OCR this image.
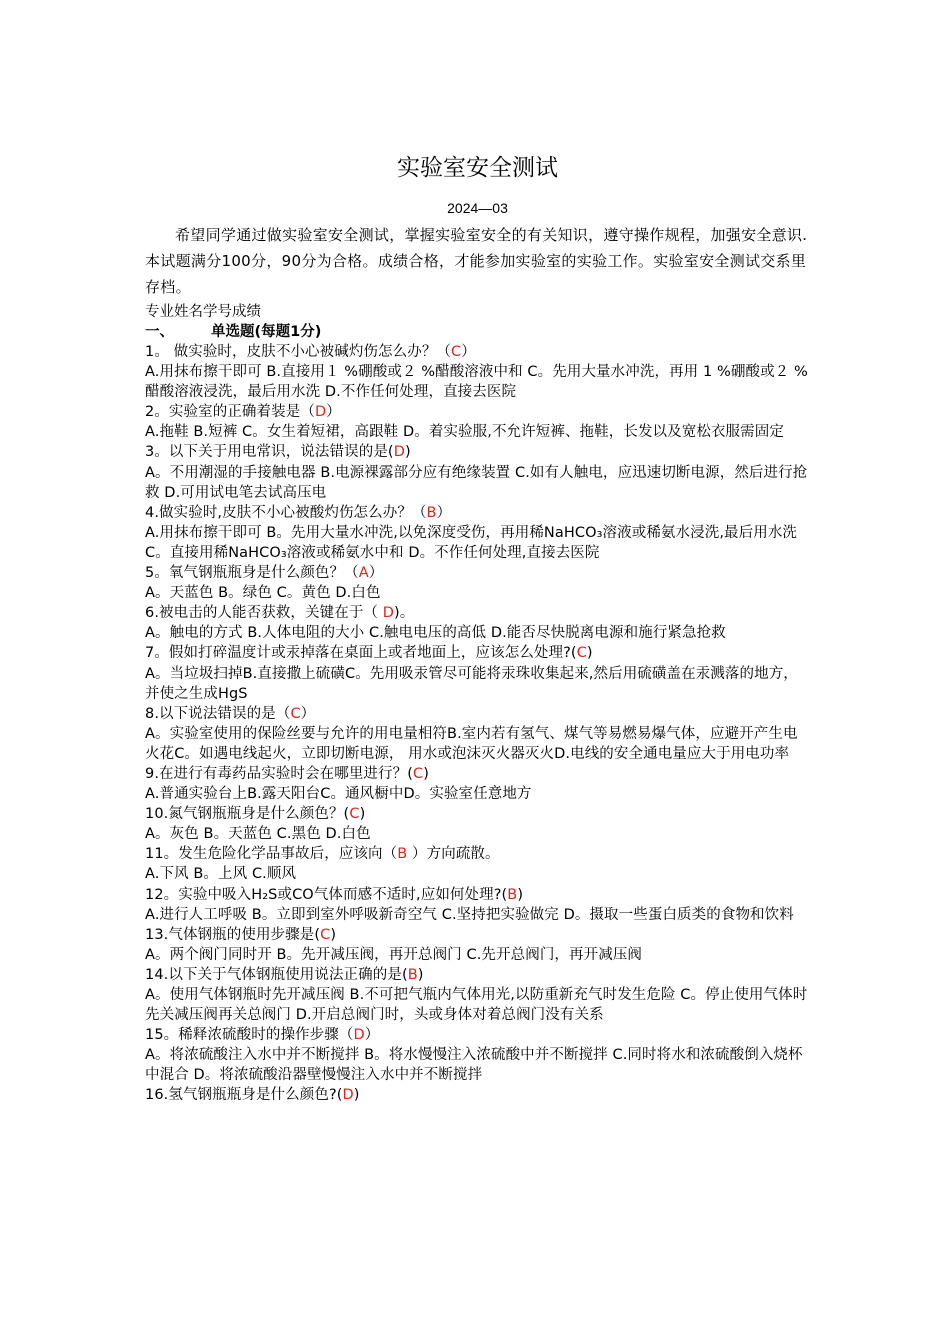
实验室安全测试
2024—03

希望同学通过做实验室安全测试，掌握实验室安全的有关知识，遵守操作规程，加强安全意识.本试题满分100分，90分为合格。成绩合格，才能参加实验室的实验工作。实验室安全测试交系里存档。

专业姓名学号成绩
一、	单选题(每题1分)
1。 做实验时，皮肤不小心被碱灼伤怎么办？（C）
A.用抹布擦干即可 B.直接用１ %硼酸或２ %醋酸溶液中和 C。先用大量水冲洗，再用 1 %硼酸或２ %醋酸溶液浸洗，最后用水洗 D.不作任何处理，直接去医院
2。实验室的正确着装是（D）
A.拖鞋 B.短裤 C。女生着短裙，高跟鞋 D。着实验服,不允许短裤、拖鞋，长发以及宽松衣服需固定
3。以下关于用电常识，说法错误的是(D)
A。不用潮湿的手接触电器 B.电源裸露部分应有绝缘装置 C.如有人触电，应迅速切断电源，然后进行抢救 D.可用试电笔去试高压电
4.做实验时,皮肤不小心被酸灼伤怎么办？（B）
A.用抹布擦干即可 B。先用大量水冲洗,以免深度受伤，再用稀NaHCO₃溶液或稀氨水浸洗,最后用水洗 C。直接用稀NaHCO₃溶液或稀氨水中和 D。不作任何处理,直接去医院
5。氧气钢瓶瓶身是什么颜色？（A）
A。天蓝色 B。绿色 C。黄色 D.白色
6.被电击的人能否获救，关键在于（ D)。
A。触电的方式 B.人体电阻的大小 C.触电电压的高低 D.能否尽快脱离电源和施行紧急抢救
7。假如打碎温度计或汞掉落在桌面上或者地面上，应该怎么处理?(C)
A。当垃圾扫掉B.直接撒上硫磺C。先用吸汞管尽可能将汞珠收集起来,然后用硫磺盖在汞溅落的地方，并使之生成HgS
8.以下说法错误的是（C）
A。实验室使用的保险丝要与允许的用电量相符B.室内若有氢气、煤气等易燃易爆气体，应避开产生电火花C。如遇电线起火，立即切断电源， 用水或泡沫灭火器灭火D.电线的安全通电量应大于用电功率
9.在进行有毒药品实验时会在哪里进行？(C)
A.普通实验台上B.露天阳台C。通风橱中D。实验室任意地方
10.氮气钢瓶瓶身是什么颜色？(C)
A。灰色 B。天蓝色 C.黑色 D.白色
11。发生危险化学品事故后，应该向（B ）方向疏散。
A.下风 B。上风 C.顺风
12。实验中吸入H₂S或CO气体而感不适时,应如何处理?(B)
A.进行人工呼吸 B。立即到室外呼吸新奇空气 C.坚持把实验做完 D。摄取一些蛋白质类的食物和饮料
13.气体钢瓶的使用步骤是(C)
A。两个阀门同时开 B。先开减压阀，再开总阀门 C.先开总阀门，再开减压阀
14.以下关于气体钢瓶使用说法正确的是(B)
A。使用气体钢瓶时先开减压阀 B.不可把气瓶内气体用光,以防重新充气时发生危险 C。停止使用气体时先关减压阀再关总阀门 D.开启总阀门时，头或身体对着总阀门没有关系
15。稀释浓硫酸时的操作步骤（D）
A。将浓硫酸注入水中并不断搅拌 B。将水慢慢注入浓硫酸中并不断搅拌 C.同时将水和浓硫酸倒入烧杯中混合 D。将浓硫酸沿器壁慢慢注入水中并不断搅拌
16.氢气钢瓶瓶身是什么颜色?(D)
